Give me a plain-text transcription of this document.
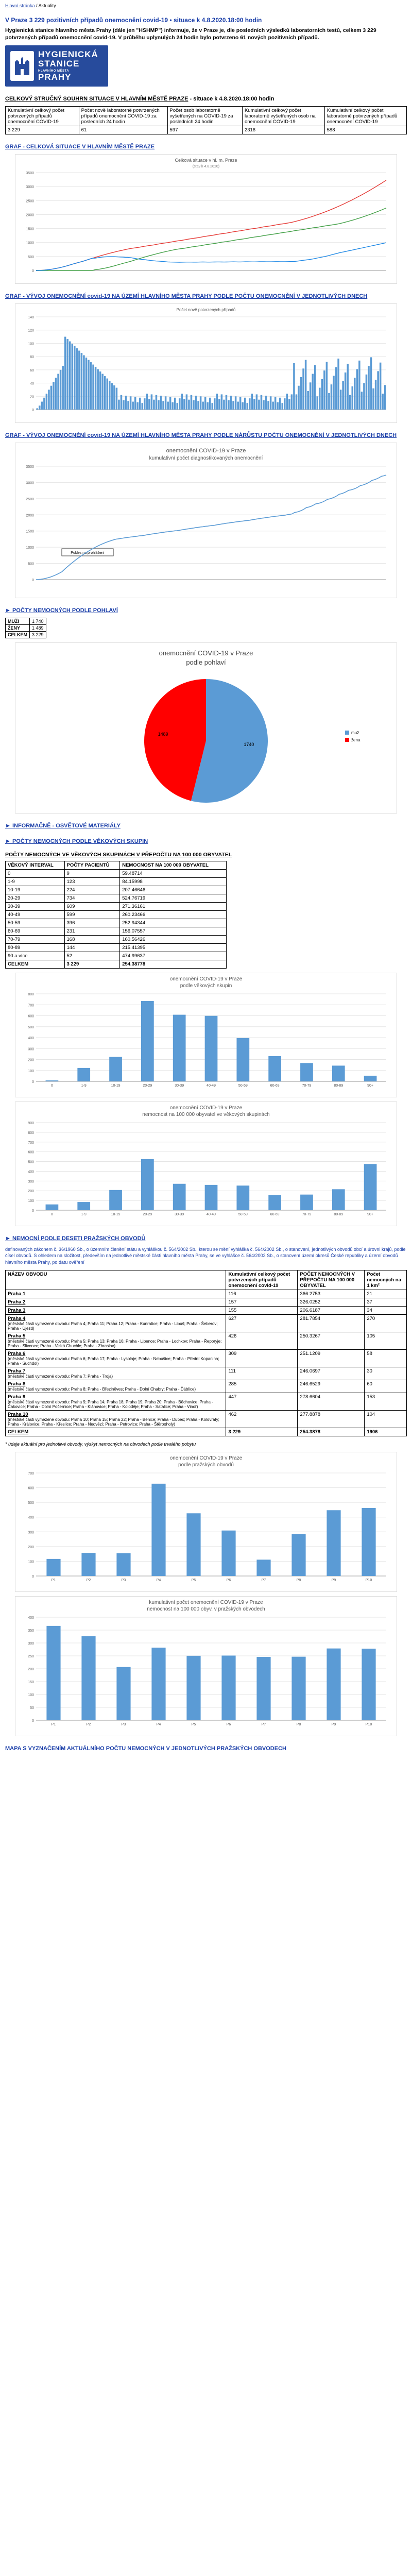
Hlavní stránka / Aktuality
V Praze 3 229 pozitivních případů onemocnění covid-19 • situace k 4.8.2020.18:00 hodin

Hygienická stanice hlavního města Prahy (dále jen "HSHMP") informuje, že v Praze je, dle posledních výsledků laboratorních testů, celkem 3 229 potvrzených případů onemocnění covid-19. V průběhu uplynulých 24 hodin bylo potvrzeno 61 nových pozitivních případů.

HYGIENICKÁ
STANICE
HLAVNÍHO MĚSTA
PRAHY
CELKOVÝ STRUČNÝ SOUHRN SITUACE V HLAVNÍM MĚSTĚ PRAZE - situace k 4.8.2020.18:00 hodin
Kumulativní celkový počet potvrzených případů onemocnění COVID-19	Počet nově laboratorně potvrzených případů onemocnění COVID-19 za posledních 24 hodin	Počet osob laboratorně vyšetřených na COVID-19 za posledních 24 hodin	Kumulativní celkový počet laboratorně vyšetřených osob na onemocnění COVID-19	Kumulativní celkový počet laboratorně potvrzených případů onemocnění COVID-19
3 229	61	597	2316	588
GRAF - CELKOVÁ SITUACE V HLAVNÍM MĚSTĚ PRAZE
Celková situace v hl. m. Praze
(stav k 4.8.2020)
0
500
1000
1500
2000
2500
3000
3500
GRAF - VÝVOJ ONEMOCNĚNÍ covid-19 NA ÚZEMÍ HLAVNÍHO MĚSTA PRAHY PODLE POČTU ONEMOCNĚNÍ V JEDNOTLIVÝCH DNECH
Počet nově potvrzených případů
0
20
40
60
80
100
120
140
GRAF - VÝVOJ ONEMOCNĚNÍ covid-19 NA ÚZEMÍ HLAVNÍHO MĚSTA PRAHY PODLE NÁRŮSTU POČTU ONEMOCNĚNÍ V JEDNOTLIVÝCH DNECH
onemocnění COVID-19 v Praze
kumulativní počet diagnostikovaných onemocnění
Pokles na prohlášení
0
500
1000
1500
2000
2500
3000
3500
► POČTY NEMOCNÝCH PODLE POHLAVÍ
MUŽI	1 740
ŽENY	1 489
CELKEM	3 229
onemocnění COVID-19 v Praze
podle pohlaví
1740
1489	muž
žena
► INFORMAČNĚ - OSVĚTOVÉ MATERIÁLY
► POČTY NEMOCNÝCH PODLE VĚKOVÝCH SKUPIN
POČTY NEMOCNÝCH VE VĚKOVÝCH SKUPINÁCH V PŘEPOČTU NA 100 000 OBYVATEL
VĚKOVÝ INTERVAL	POČTY PACIENTŮ	NEMOCNOST NA 100 000 OBYVATEL
0	9	59.48714
1-9	123	84.15998
10-19	224	207.46646
20-29	734	524.76719
30-39	609	271.36161
40-49	599	260.23466
50-59	396	252.94344
60-69	231	156.07557
70-79	168	160.56426
80-89	144	215.41395
90 a více	52	474.99637
CELKEM	3 229	254.38778
onemocnění COVID-19 v Praze
podle věkových skupin
0
100
200
300
400
500
600
700
800
0	1-9	10-19	20-29	30-39	40-49	50-59	60-69	70-79	80-89	90+
onemocnění COVID-19 v Praze
nemocnost na 100 000 obyvatel ve věkových skupinách
0
100
200
300
400
500
600
700
800
900
0	1-9	10-19	20-29	30-39	40-49	50-59	60-69	70-79	80-89	90+
► NEMOCNÍ PODLE DESETI PRAŽSKÝCH OBVODŮ

definovaných zákonem č. 36/1960 Sb., o územním členění státu a vyhláškou č. 564/2002 Sb., kterou se mění vyhláška č. 564/2002 Sb., o stanovení, jednotlivých obvodů obcí a úrovni krajů, podle čísel obvodů. S ohledem na složitost, především na jednotlivé městské části hlavního města Prahy, se ve vyhlášce č. 564/2002 Sb., o stanovení území okresů České republiky a území obvodů hlavního města Prahy, po datu ověření

NÁZEV OBVODU	Kumulativní celkový počet potvrzených případů onemocnění covid-19	POČET NEMOCNÝCH V PŘEPOČTU NA 100 000 OBYVATEL	Počet nemocných na 1 km²

Praha 1	116	366.2753	21

Praha 2	157	326.0252	37

Praha 3	155	206.6187	34

Praha 4
(městské části vymezené obvodu: Praha 4; Praha 11; Praha 12; Praha - Kunratice; Praha - Libuš; Praha - Šeberov; Praha - Újezd)	627	281.7854	270

Praha 5
(městské části vymezené obvodu: Praha 5; Praha 13; Praha 16; Praha - Lipence; Praha - Lochkov; Praha - Řeporyje; Praha - Slivenec; Praha - Velká Chuchle; Praha - Zbraslav)	426	250.3267	105

Praha 6
(městské části vymezené obvodu: Praha 6; Praha 17; Praha - Lysolaje; Praha - Nebušice; Praha - Přední Kopanina; Praha - Suchdol)	309	251.1209	58

Praha 7
(městské části vymezené obvodu: Praha 7; Praha - Troja)	111	246.0697	30

Praha 8
(městské části vymezené obvodu: Praha 8; Praha - Březiněves; Praha - Dolní Chabry; Praha - Ďáblice)	285	246.6529	60

Praha 9
(městské části vymezené obvodu: Praha 9; Praha 14; Praha 18; Praha 19; Praha 20; Praha - Běchovice; Praha - Čakovice; Praha - Dolní Počernice; Praha - Klánovice; Praha - Koloděje; Praha - Satalice; Praha - Vinoř)	447	278.6604	153

Praha 10
(městské části vymezené obvodu: Praha 10; Praha 15; Praha 22; Praha - Benice; Praha - Dubeč; Praha - Kolovraty; Praha - Královice; Praha - Křeslice; Praha - Nedvězí; Praha - Petrovice; Praha - Štěrboholy)	462	277.8878	104

CELKEM	3 229	254.3878	1906

* údaje aktuální pro jednotlivé obvody, výskyt nemocných na obvodech podle trvalého pobytu

onemocnění COVID-19 v Praze
podle pražských obvodů
0
100
200
300
400
500
600
700
P1	P2	P3	P4	P5	P6	P7	P8	P9	P10
kumulativní počet onemocnění COVID-19 v Praze
nemocnost na 100 000 obyv. v pražských obvodech
0
50
100
150
200
250
300
350
400
P1	P2	P3	P4	P5	P6	P7	P8	P9	P10
MAPA S VYZNAČENÍM AKTUÁLNÍHO POČTU NEMOCNÝCH V JEDNOTLIVÝCH PRAŽSKÝCH OBVODECH
